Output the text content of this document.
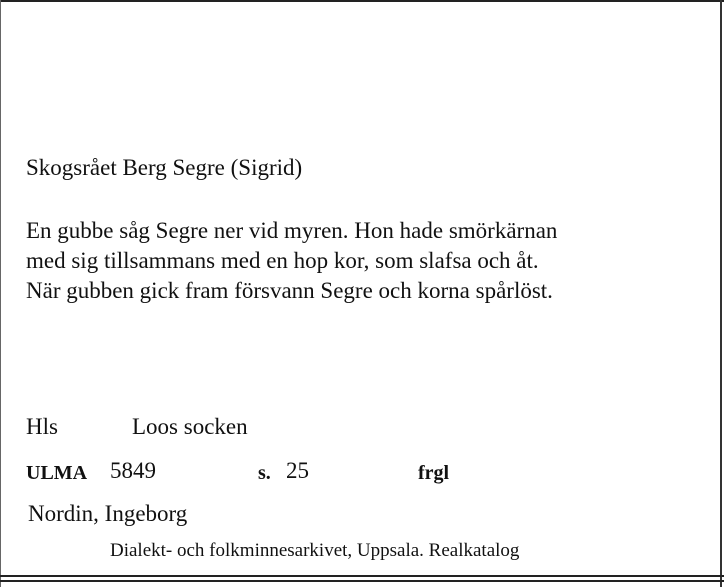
Skogsrået Berg Segre (Sigrid)
En gubbe såg Segre ner vid myren. Hon hade smörkärnan
med sig tillsammans med en hop kor, som slafsa och åt.
När gubben gick fram försvann Segre och korna spårlöst.
Hls	Loos socken
ULMA 5849	s. 25	frgl
Nordin, Ingeborg
Dialekt- och folkminnesarkivet, Uppsala. Realkatalog
